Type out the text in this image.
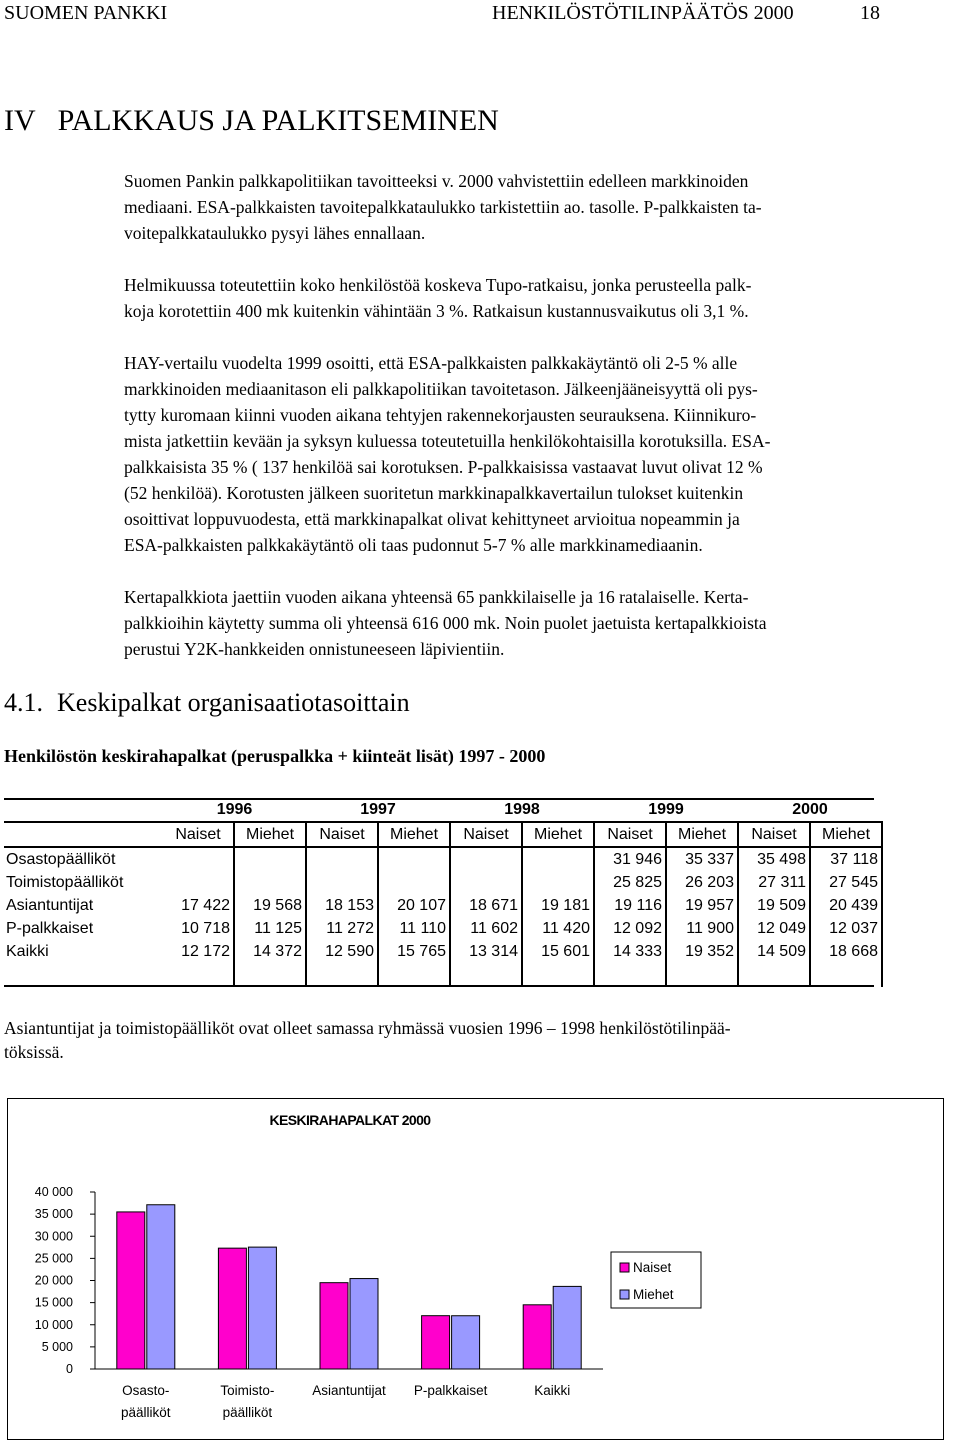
SUOMEN PANKKI	HENKILÖSTÖTILINPÄÄTÖS 2000	18
IV PALKKAUS JA PALKITSEMINEN
Suomen Pankin palkkapolitiikan tavoitteeksi v. 2000 vahvistettiin edelleen markkinoiden
mediaani. ESA-palkkaisten tavoitepalkkataulukko tarkistettiin ao. tasolle. P-palkkaisten ta-
voitepalkkataulukko pysyi lähes ennallaan.
Helmikuussa toteutettiin koko henkilöstöä koskeva Tupo-ratkaisu, jonka perusteella palk-
koja korotettiin 400 mk kuitenkin vähintään 3 %. Ratkaisun kustannusvaikutus oli 3,1 %.
HAY-vertailu vuodelta 1999 osoitti, että ESA-palkkaisten palkkakäytäntö oli 2-5 % alle
markkinoiden mediaanitason eli palkkapolitiikan tavoitetason. Jälkeenjääneisyyttä oli pys-
tytty kuromaan kiinni vuoden aikana tehtyjen rakennekorjausten seurauksena. Kiinnikuro-
mista jatkettiin kevään ja syksyn kuluessa toteutetuilla henkilökohtaisilla korotuksilla. ESA-
palkkaisista 35 % ( 137 henkilöä sai korotuksen. P-palkkaisissa vastaavat luvut olivat 12 %
(52 henkilöä). Korotusten jälkeen suoritetun markkinapalkkavertailun tulokset kuitenkin
osoittivat loppuvuodesta, että markkinapalkat olivat kehittyneet arvioitua nopeammin ja
ESA-palkkaisten palkkakäytäntö oli taas pudonnut 5-7 % alle markkinamediaanin.
Kertapalkkiota jaettiin vuoden aikana yhteensä 65 pankkilaiselle ja 16 ratalaiselle. Kerta-
palkkioihin käytetty summa oli yhteensä 616 000 mk. Noin puolet jaetuista kertapalkkioista
perustui Y2K-hankkeiden onnistuneeseen läpivientiin.
4.1. Keskipalkat organisaatiotasoittain
Henkilöstön keskirahapalkat (peruspalkka + kiinteät lisät) 1997 - 2000
	1996		1997		1998		1999		2000	
	Naiset	Miehet	Naiset	Miehet	Naiset	Miehet	Naiset	Miehet	Naiset	Miehet
Osastopäälliköt							31 946	35 337	35 498	37 118
Toimistopäälliköt							25 825	26 203	27 311	27 545
Asiantuntijat	17 422	19 568	18 153	20 107	18 671	19 181	19 116	19 957	19 509	20 439
P-palkkaiset	10 718	11 125	11 272	11 110	11 602	11 420	12 092	11 900	12 049	12 037
Kaikki	12 172	14 372	12 590	15 765	13 314	15 601	14 333	19 352	14 509	18 668

Asiantuntijat ja toimistopäälliköt ovat olleet samassa ryhmässä vuosien 1996 – 1998 henkilöstötilinpää-
töksissä.
KESKIRAHAPALKAT 2000
0
5 000
10 000
15 000
20 000
25 000
30 000
35 000
40 000
Osasto-
päälliköt
Toimisto-
päälliköt
Asiantuntijat P-palkkaiset	Kaikki
Naiset
Miehet
